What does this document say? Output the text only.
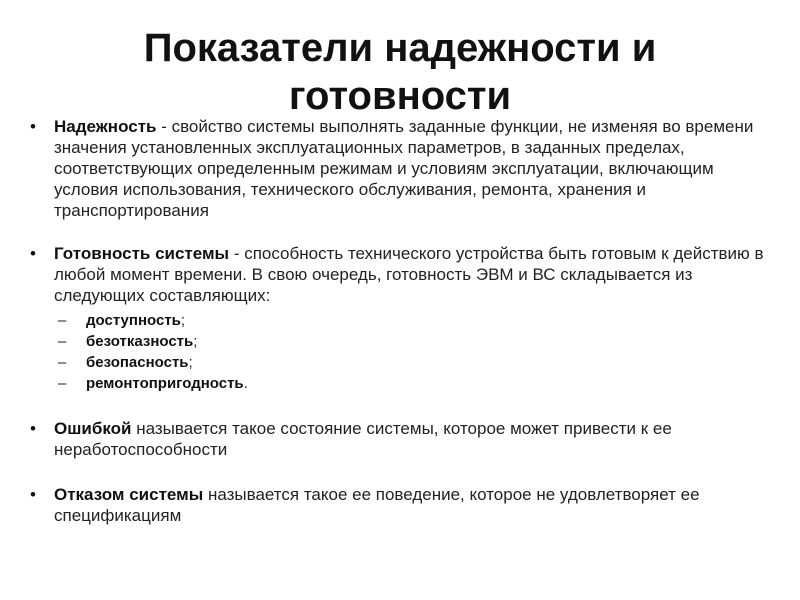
Показатели надежности и
готовности

• Надежность - свойство системы выполнять заданные функции, не изменяя во времени значения установленных эксплуатационных параметров, в заданных пределах, соответствующих определенным режимам и условиям эксплуатации, включающим условия использования, технического обслуживания, ремонта, хранения и транспортирования

• Готовность системы - способность технического устройства быть готовым к действию в любой момент времени. В свою очередь, готовность ЭВМ и ВС складывается из следующих составляющих:
– доступность;
– безотказность;
– безопасность;
– ремонтопригодность.

• Ошибкой называется такое состояние системы, которое может привести к ее неработоспособности

• Отказом системы называется такое ее поведение, которое не удовлетворяет ее спецификациям
